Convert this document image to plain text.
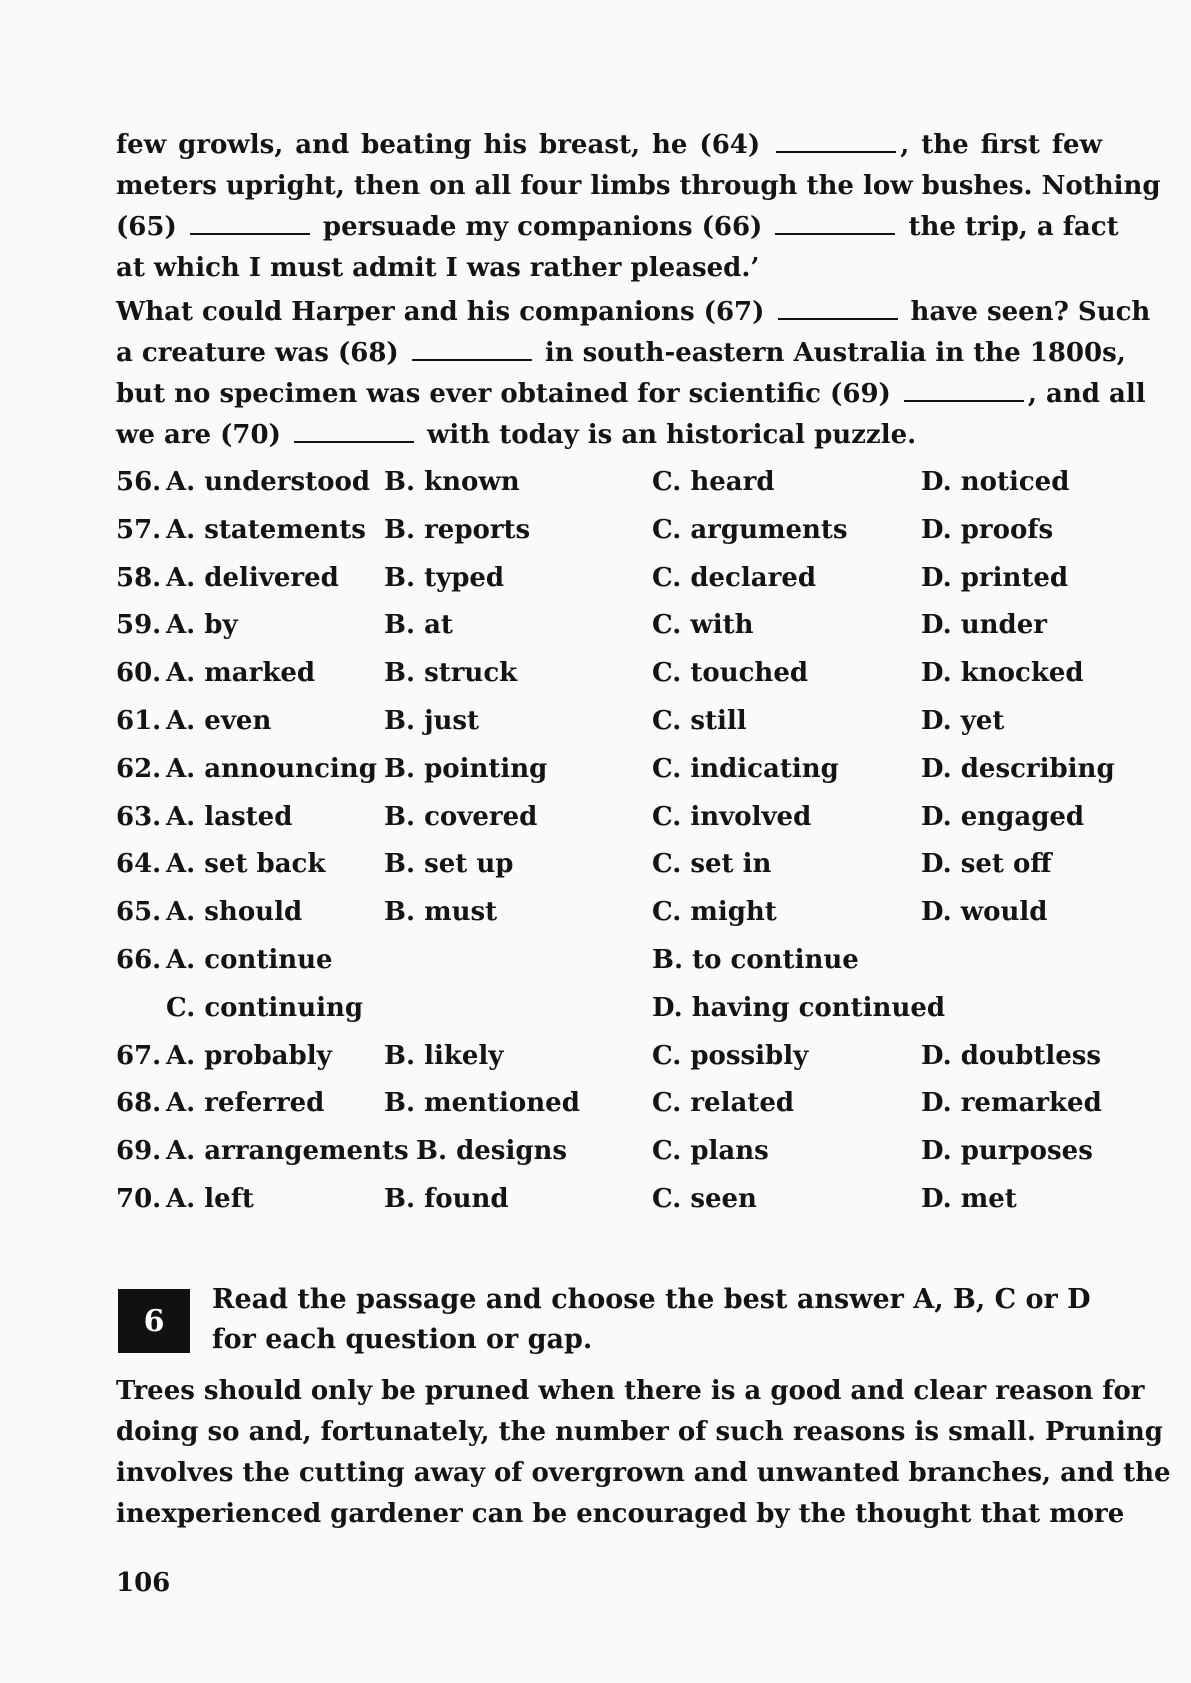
few growls, and beating his breast, he (64)	, the first few
meters upright, then on all four limbs through the low bushes. Nothing
(65)	persuade my companions (66)	the trip, a fact
at which I must admit I was rather pleased.’
What could Harper and his companions (67)	have seen? Such
a creature was (68)	in south-eastern Australia in the 1800s,
but no specimen was ever obtained for scientific (69)	, and all
we are (70)	with today is an historical puzzle.
56. A. understood B. known	C. heard	D. noticed
57. A. statements B. reports	C. arguments	D. proofs
58. A. delivered B. typed	C. declared	D. printed
59. A. by	B. at	C. with	D. under
60. A. marked	B. struck	C. touched	D. knocked
61. A. even	B. just	C. still	D. yet
62. A. announcing B. pointing	C. indicating	D. describing
63. A. lasted	B. covered	C. involved	D. engaged
64. A. set back B. set up	C. set in	D. set off
65. A. should	B. must	C. might	D. would
66. A. continue	B. to continue
C. continuing	D. having continued
67. A. probably B. likely	C. possibly	D. doubtless
68. A. referred B. mentioned	C. related	D. remarked
69. A. arrangements B. designs	C. plans	D. purposes
70. A. left	B. found	C. seen	D. met
6
Read the passage and choose the best answer A, B, C or D
for each question or gap.
Trees should only be pruned when there is a good and clear reason for
doing so and, fortunately, the number of such reasons is small. Pruning
involves the cutting away of overgrown and unwanted branches, and the
inexperienced gardener can be encouraged by the thought that more
106
